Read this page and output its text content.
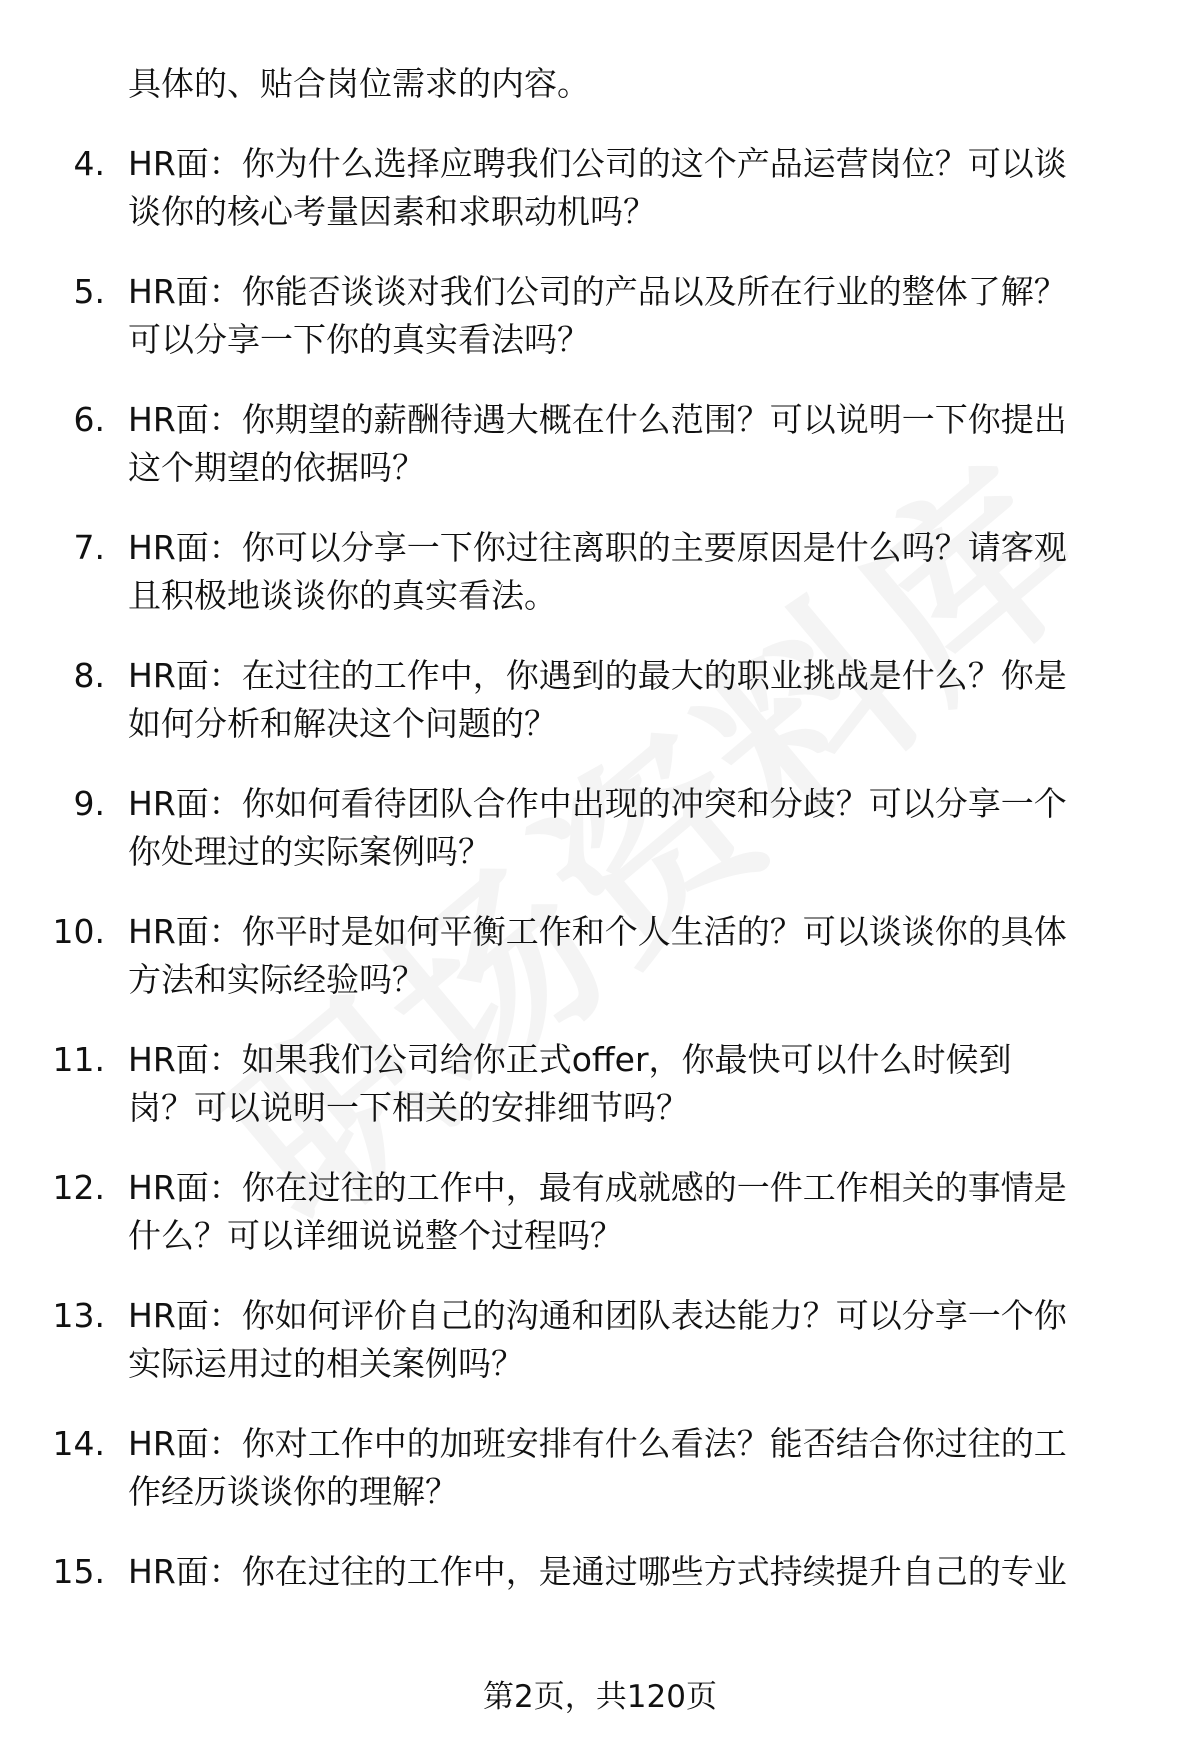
具体的、贴合岗位需求的内容。
4. HR面：你为什么选择应聘我们公司的这个产品运营岗位？可以谈
谈你的核心考量因素和求职动机吗？
5. HR面：你能否谈谈对我们公司的产品以及所在行业的整体了解？
可以分享一下你的真实看法吗？
6. HR面：你期望的薪酬待遇大概在什么范围？可以说明一下你提出
这个期望的依据吗？
7. HR面：你可以分享一下你过往离职的主要原因是什么吗？请客观
且积极地谈谈你的真实看法。
8. HR面：在过往的工作中，你遇到的最大的职业挑战是什么？你是
如何分析和解决这个问题的？
9. HR面：你如何看待团队合作中出现的冲突和分歧？可以分享一个
你处理过的实际案例吗？
10. HR面：你平时是如何平衡工作和个人生活的？可以谈谈你的具体
方法和实际经验吗？
11. HR面：如果我们公司给你正式offer，你最快可以什么时候到
岗？可以说明一下相关的安排细节吗？
12. HR面：你在过往的工作中，最有成就感的一件工作相关的事情是
什么？可以详细说说整个过程吗？
13. HR面：你如何评价自己的沟通和团队表达能力？可以分享一个你
实际运用过的相关案例吗？
14. HR面：你对工作中的加班安排有什么看法？能否结合你过往的工
作经历谈谈你的理解？
15. HR面：你在过往的工作中，是通过哪些方式持续提升自己的专业
第2页，共120页
